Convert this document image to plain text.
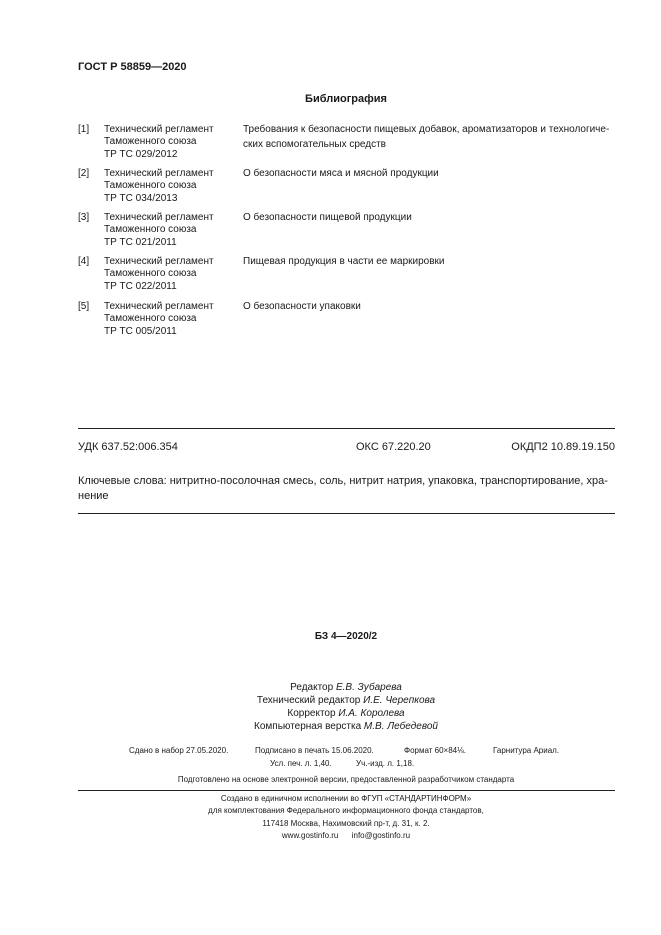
ГОСТ Р 58859—2020
Библиография
[1] Технический регламент
Таможенного союза
ТР ТС 029/2012
Требования к безопасности пищевых добавок, ароматизаторов и технологиче-
ских вспомогательных средств
[2] Технический регламент
Таможенного союза
ТР ТС 034/2013
О безопасности мяса и мясной продукции
[3] Технический регламент
Таможенного союза
ТР ТС 021/2011
О безопасности пищевой продукции
[4] Технический регламент
Таможенного союза
ТР ТС 022/2011
Пищевая продукция в части ее маркировки
[5] Технический регламент
Таможенного союза
ТР ТС 005/2011
О безопасности упаковки
УДК 637.52:006.354	ОКС 67.220.20	ОКДП2 10.89.19.150
Ключевые слова: нитритно-посолочная смесь, соль, нитрит натрия, упаковка, транспортирование, хра-
нение
БЗ 4—2020/2
Редактор Е.В. Зубарева
Технический редактор И.Е. Черепкова
Корректор И.А. Королева
Компьютерная верстка М.В. Лебедевой
Сдано в набор 27.05.2020.	Подписано в печать 15.06.2020.	Формат 60×84⅛.	Гарнитура Ариал.
Усл. печ. л. 1,40.	Уч.-изд. л. 1,18.
Подготовлено на основе электронной версии, предоставленной разработчиком стандарта
Создано в единичном исполнении во ФГУП «СТАНДАРТИНФОРМ»
для комплектования Федерального информационного фонда стандартов,
117418 Москва, Нахимовский пр-т, д. 31, к. 2.
www.gostinfo.ru info@gostinfo.ru
